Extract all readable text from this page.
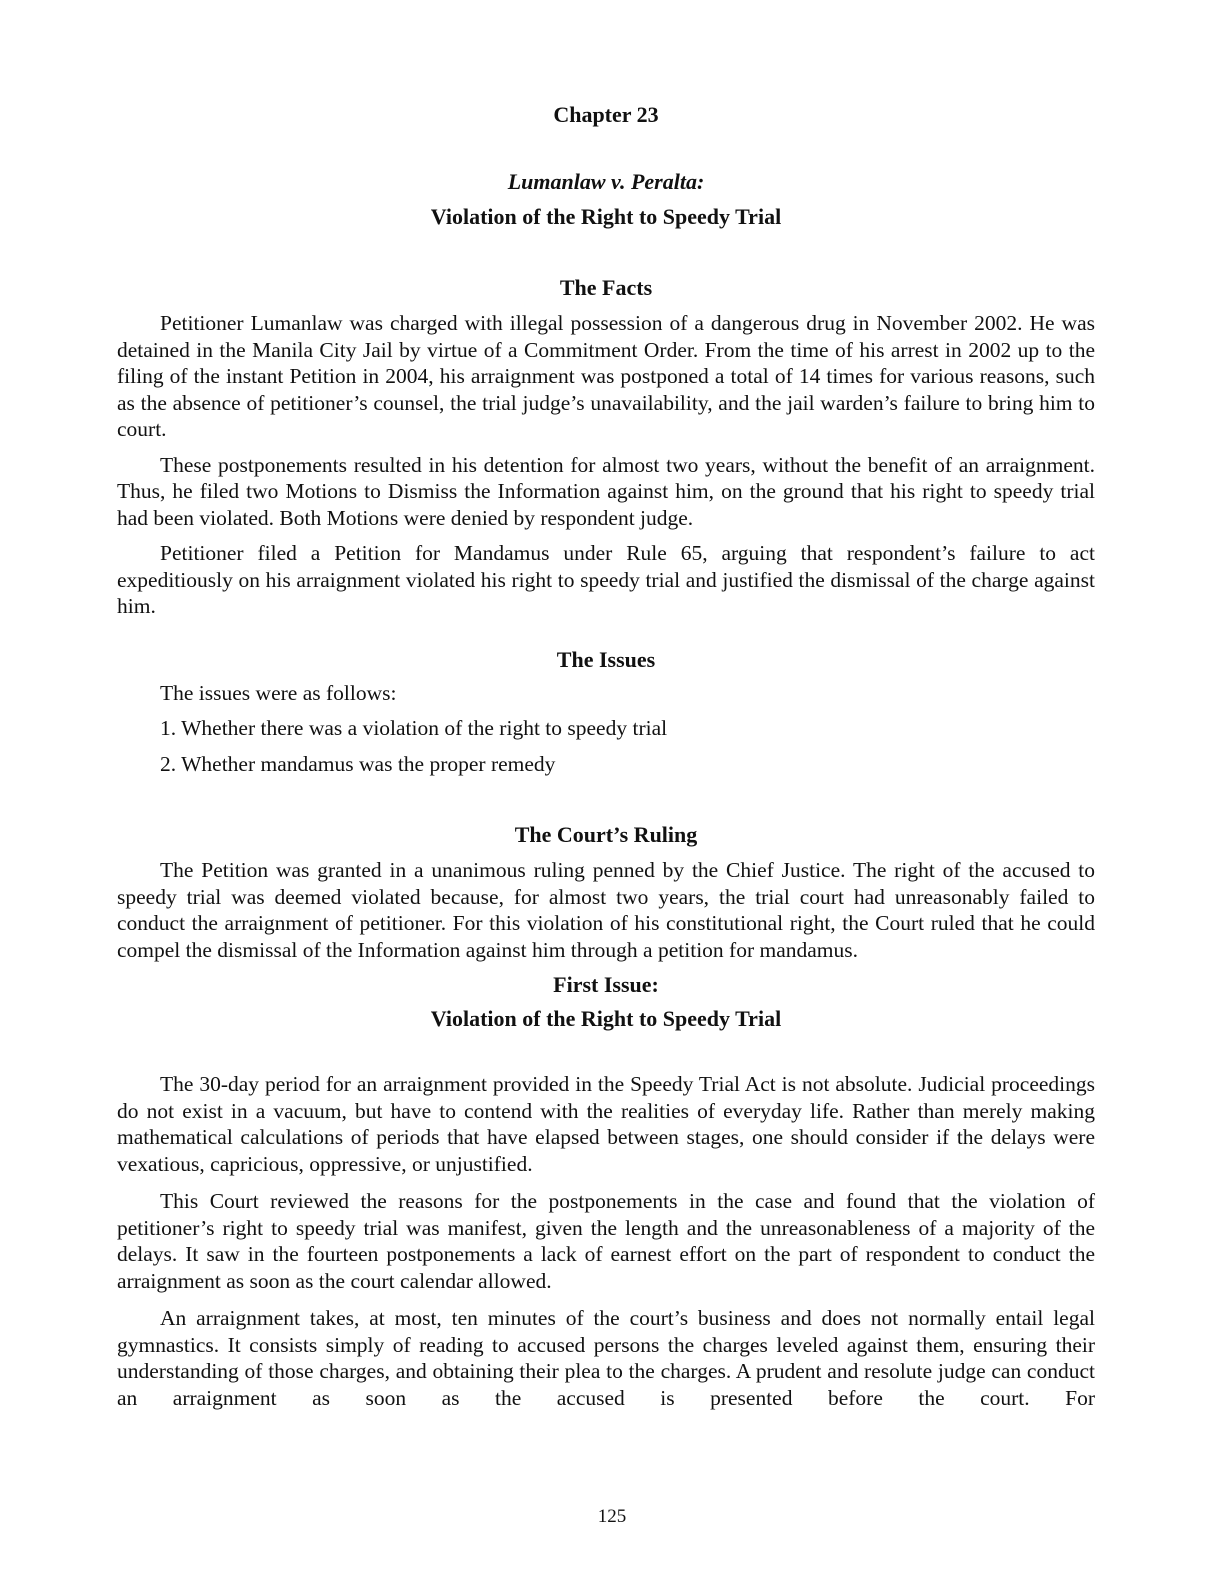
Chapter 23
Lumanlaw v. Peralta:
Violation of the Right to Speedy Trial
The Facts

Petitioner Lumanlaw was charged with illegal possession of a dangerous drug in November 2002. He was detained in the Manila City Jail by virtue of a Commitment Order. From the time of his arrest in 2002 up to the filing of the instant Petition in 2004, his arraignment was postponed a total of 14 times for various reasons, such as the absence of petitioner’s counsel, the trial judge’s unavailability, and the jail warden’s failure to bring him to court.

These postponements resulted in his detention for almost two years, without the benefit of an arraignment. Thus, he filed two Motions to Dismiss the Information against him, on the ground that his right to speedy trial had been violated. Both Motions were denied by respondent judge.

Petitioner filed a Petition for Mandamus under Rule 65, arguing that respondent’s failure to act expeditiously on his arraignment violated his right to speedy trial and justified the dismissal of the charge against him.

The Issues

The issues were as follows:

1. Whether there was a violation of the right to speedy trial

2. Whether mandamus was the proper remedy

The Court’s Ruling

The Petition was granted in a unanimous ruling penned by the Chief Justice. The right of the accused to speedy trial was deemed violated because, for almost two years, the trial court had unreasonably failed to conduct the arraignment of petitioner. For this violation of his constitutional right, the Court ruled that he could compel the dismissal of the Information against him through a petition for mandamus.

First Issue:
Violation of the Right to Speedy Trial

The 30-day period for an arraignment provided in the Speedy Trial Act is not absolute. Judicial proceedings do not exist in a vacuum, but have to contend with the realities of everyday life. Rather than merely making mathematical calculations of periods that have elapsed between stages, one should consider if the delays were vexatious, capricious, oppressive, or unjustified.

This Court reviewed the reasons for the postponements in the case and found that the violation of petitioner’s right to speedy trial was manifest, given the length and the unreasonableness of a majority of the delays. It saw in the fourteen postponements a lack of earnest effort on the part of respondent to conduct the arraignment as soon as the court calendar allowed.

An arraignment takes, at most, ten minutes of the court’s business and does not normally entail legal gymnastics. It consists simply of reading to accused persons the charges leveled against them, ensuring their understanding of those charges, and obtaining their plea to the charges. A prudent and resolute judge can conduct an arraignment as soon as the accused is presented before the court. For

125
